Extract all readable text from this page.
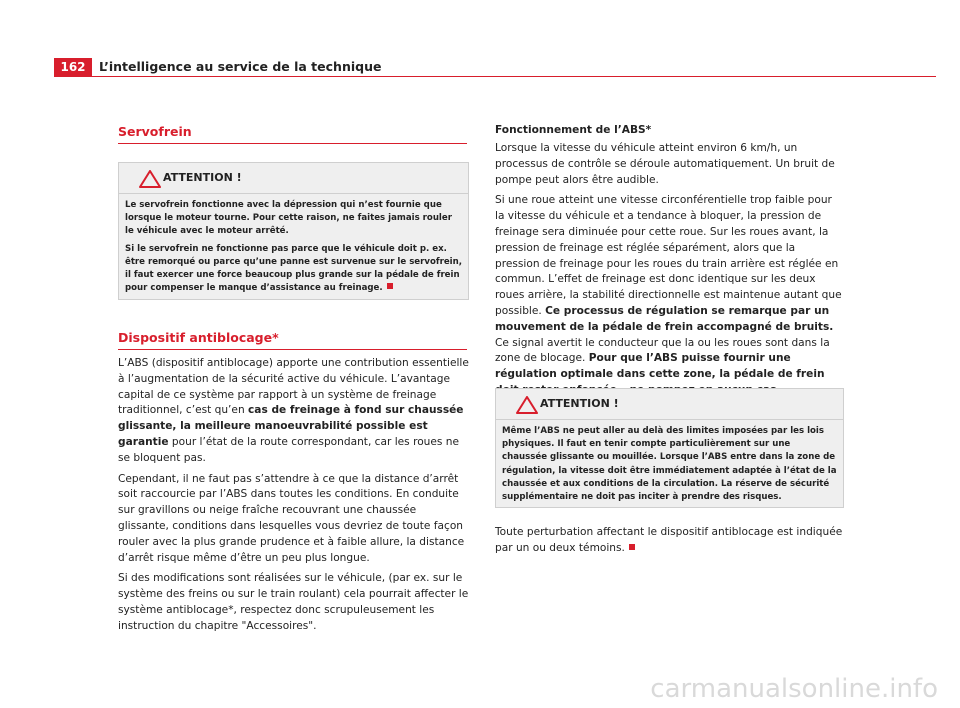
162	L’intelligence au service de la technique
Servofrein
ATTENTION !

Le servofrein fonctionne avec la dépression qui n’est fournie que lorsque le moteur tourne. Pour cette raison, ne faites jamais rouler le véhicule avec le moteur arrêté.

Si le servofrein ne fonctionne pas parce que le véhicule doit p. ex. être remorqué ou parce qu’une panne est survenue sur le servofrein, il faut exercer une force beaucoup plus grande sur la pédale de frein pour compenser le manque d’assistance au freinage.

Dispositif antiblocage*

L’ABS (dispositif antiblocage) apporte une contribution essentielle à l’augmentation de la sécurité active du véhicule. L’avantage capital de ce système par rapport à un système de freinage traditionnel, c’est qu’en cas de freinage à fond sur chaussée glissante, la meilleure manoeuvrabilité possible est garantie pour l’état de la route correspondant, car les roues ne se bloquent pas.

Cependant, il ne faut pas s’attendre à ce que la distance d’arrêt soit raccourcie par l’ABS dans toutes les conditions. En conduite sur gravillons ou neige fraîche recouvrant une chaussée glissante, conditions dans lesquelles vous devriez de toute façon rouler avec la plus grande prudence et à faible allure, la distance d’arrêt risque même d’être un peu plus longue.

Si des modifications sont réalisées sur le véhicule, (par ex. sur le système des freins ou sur le train roulant) cela pourrait affecter le système antiblocage*, respectez donc scrupuleusement les instruction du chapitre "Accessoires".

Fonctionnement de l’ABS*

Lorsque la vitesse du véhicule atteint environ 6 km/h, un processus de contrôle se déroule automatiquement. Un bruit de pompe peut alors être audible.

Si une roue atteint une vitesse circonférentielle trop faible pour la vitesse du véhicule et a tendance à bloquer, la pression de freinage sera diminuée pour cette roue. Sur les roues avant, la pression de freinage est réglée séparément, alors que la pression de freinage pour les roues du train arrière est réglée en commun. L’effet de freinage est donc identique sur les deux roues arrière, la stabilité directionnelle est maintenue autant que possible. Ce processus de régulation se remarque par un mouvement de la pédale de frein accompagné de bruits. Ce signal avertit le conducteur que la ou les roues sont dans la zone de blocage. Pour que l’ABS puisse fournir une régulation optimale dans cette zone, la pédale de frein

ATTENTION !

Même l’ABS ne peut aller au delà des limites imposées par les lois physiques. Il faut en tenir compte particulièrement sur une chaussée glissante ou mouillée. Lorsque l’ABS entre dans la zone de régulation, la vitesse doit être immédiatement adaptée à l’état de la chaussée et aux conditions de la circulation. La réserve de sécurité supplémentaire ne doit pas inciter à prendre des risques.

Toute perturbation affectant le dispositif antiblocage est indiquée par un ou deux témoins.

carmanualsonline.info
